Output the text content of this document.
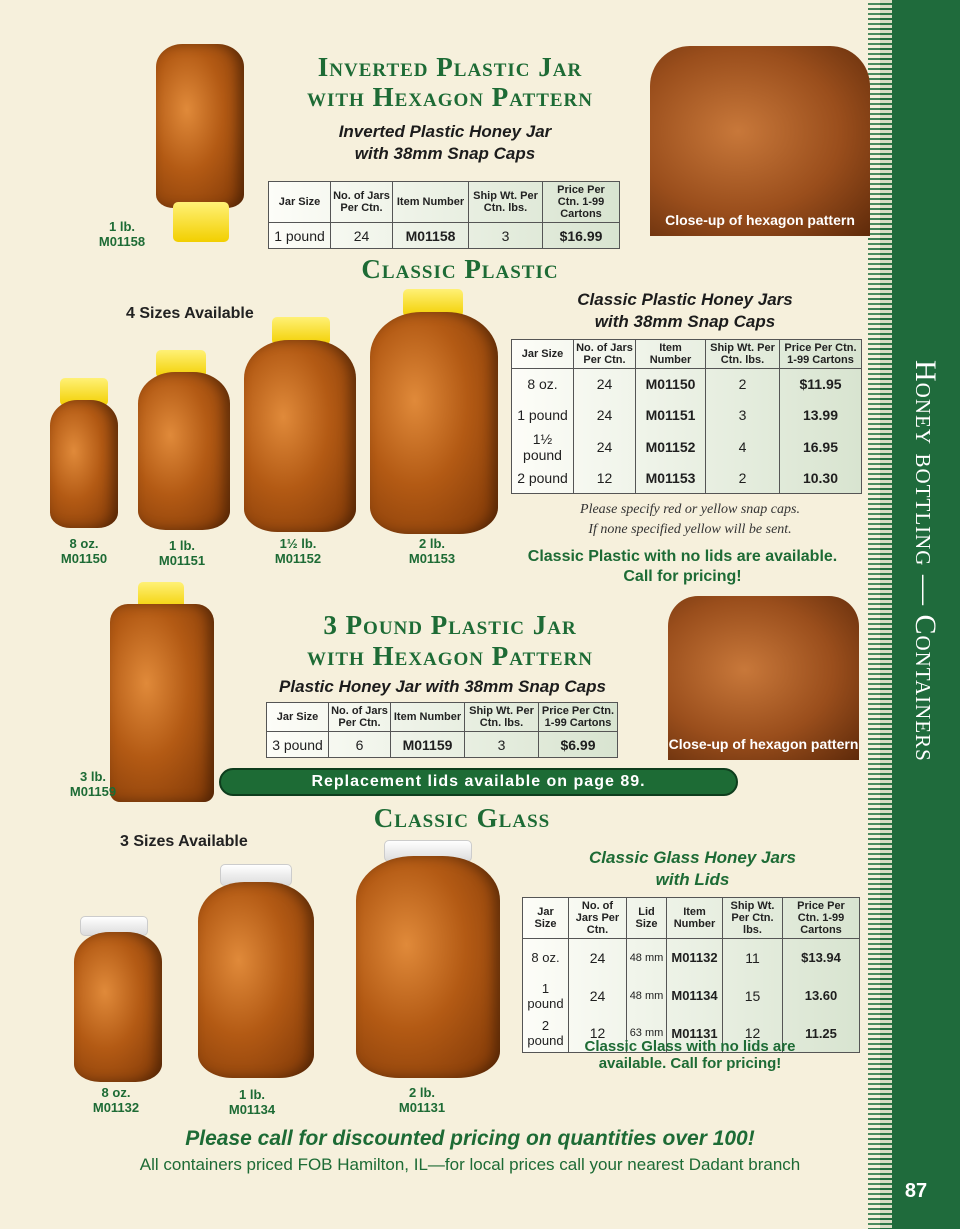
Honey bottling — Containers
87
1 lb.
M01158
Inverted Plastic Jar
with Hexagon Pattern
Inverted Plastic Honey Jar
with 38mm Snap Caps
Jar Size	No. of Jars Per Ctn.	Item Number	Ship Wt. Per Ctn. lbs.	Price Per Ctn. 1-99 Cartons
1 pound	24	M01158	3	$16.99
Close-up of hexagon pattern
Classic Plastic
4 Sizes Available
8 oz.
M01150
1 lb.
M01151
1½ lb.
M01152
2 lb.
M01153
Classic Plastic Honey Jars
with 38mm Snap Caps
Jar Size	No. of Jars Per Ctn.	Item Number	Ship Wt. Per Ctn. lbs.	Price Per Ctn. 1-99 Cartons
8 oz.	24	M01150	2	$11.95
1 pound	24	M01151	3	13.99
1½ pound	24	M01152	4	16.95
2 pound	12	M01153	2	10.30
Please specify red or yellow snap caps.
If none specified yellow will be sent.
Classic Plastic with no lids are available.
Call for pricing!
3 lb.
M01159
3 Pound Plastic Jar
with Hexagon Pattern
Plastic Honey Jar with 38mm Snap Caps
Jar Size	No. of Jars Per Ctn.	Item Number	Ship Wt. Per Ctn. lbs.	Price Per Ctn. 1-99 Cartons
3 pound	6	M01159	3	$6.99	Close-up of hexagon pattern
Replacement lids available on page 89.
Classic Glass
3 Sizes Available
8 oz.
M01132
1 lb.
M01134
2 lb.
M01131
Classic Glass Honey Jars
with Lids
Jar Size	No. of Jars Per Ctn.	Lid Size	Item Number	Ship Wt. Per Ctn. lbs.	Price Per Ctn. 1-99 Cartons
8 oz.	24	48 mm	M01132	11	$13.94
1 pound	24	48 mm	M01134	15	13.60
2 pound	12	63 mm	M01131	12	11.25
Classic Glass with no lids are
available. Call for pricing!
Please call for discounted pricing on quantities over 100!
All containers priced FOB Hamilton, IL—for local prices call your nearest Dadant branch
